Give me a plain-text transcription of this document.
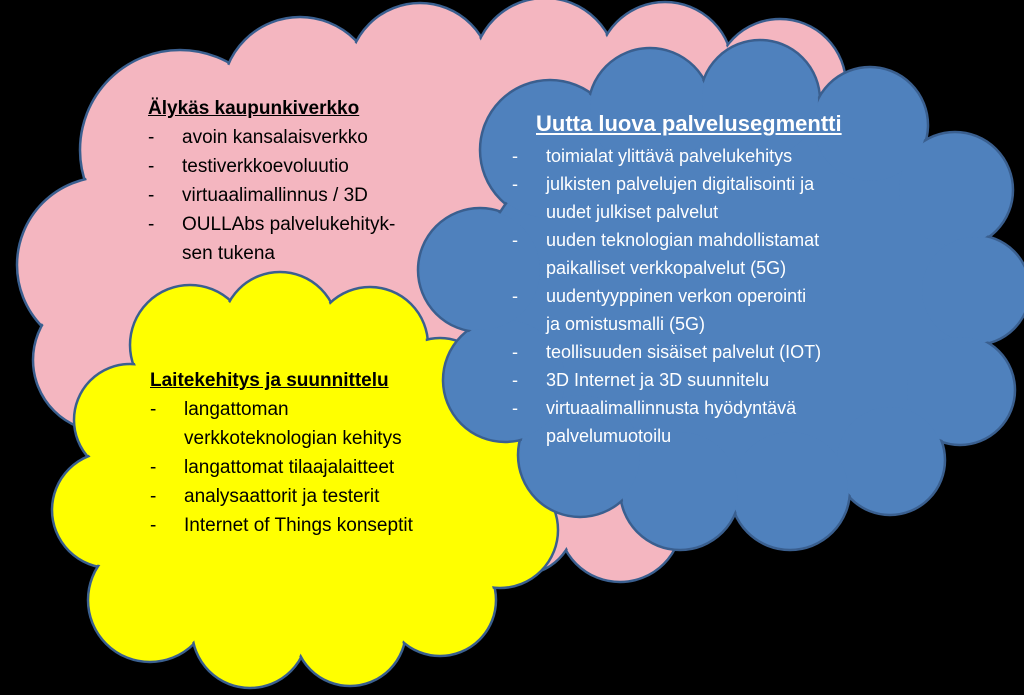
Älykäs kaupunkiverkko
- avoin kansalaisverkko
- testiverkkoevoluutio
- virtuaalimallinnus / 3D
- OULLAbs palvelukehityk-
sen tukena
Laitekehitys ja suunnittelu
- langattoman
verkkoteknologian kehitys
- langattomat tilaajalaitteet
- analysaattorit ja testerit
- Internet of Things konseptit
Uutta luova palvelusegmentti
- toimialat ylittävä palvelukehitys
- julkisten palvelujen digitalisointi ja
uudet julkiset palvelut
- uuden teknologian mahdollistamat
paikalliset verkkopalvelut (5G)
- uudentyyppinen verkon operointi
ja omistusmalli (5G)
- teollisuuden sisäiset palvelut (IOT)
- 3D Internet ja 3D suunnitelu
- virtuaalimallinnusta hyödyntävä
palvelumuotoilu
